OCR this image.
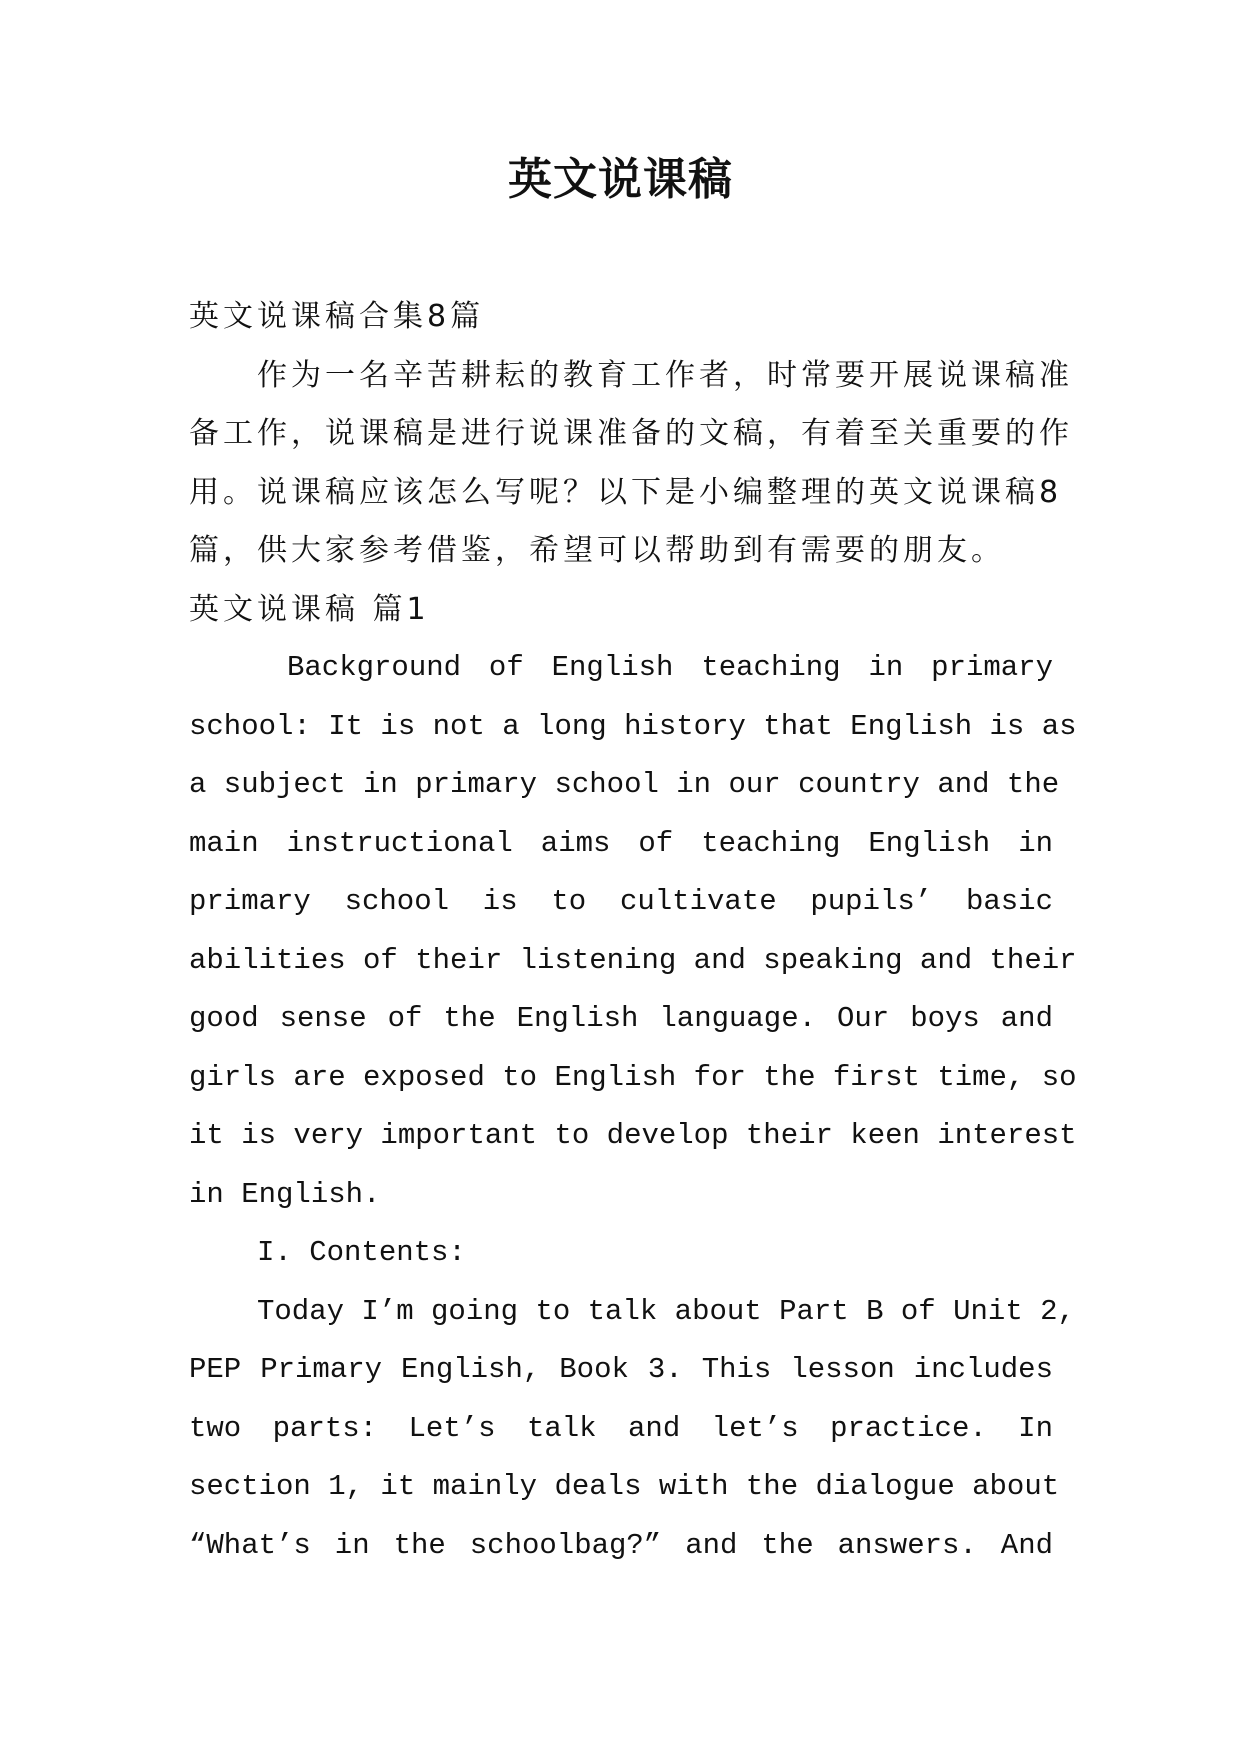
英文说课稿
英文说课稿合集8篇
作为一名辛苦耕耘的教育工作者，时常要开展说课稿准
备工作，说课稿是进行说课准备的文稿，有着至关重要的作
用。说课稿应该怎么写呢？以下是小编整理的英文说课稿8
篇，供大家参考借鉴，希望可以帮助到有需要的朋友。
英文说课稿 篇1
Background of English teaching in primary
school: It is not a long history that English is as
a subject in primary school in our country and the
main instructional aims of teaching English in
primary school is to cultivate pupils’ basic
abilities of their listening and speaking and their
good sense of the English language. Our boys and
girls are exposed to English for the first time, so
it is very important to develop their keen interest
in English.
I. Contents:
Today I’m going to talk about Part B of Unit 2,
PEP Primary English, Book 3. This lesson includes
two parts: Let’s talk and let’s practice. In
section 1, it mainly deals with the dialogue about
“What’s in the schoolbag?” and the answers. And
